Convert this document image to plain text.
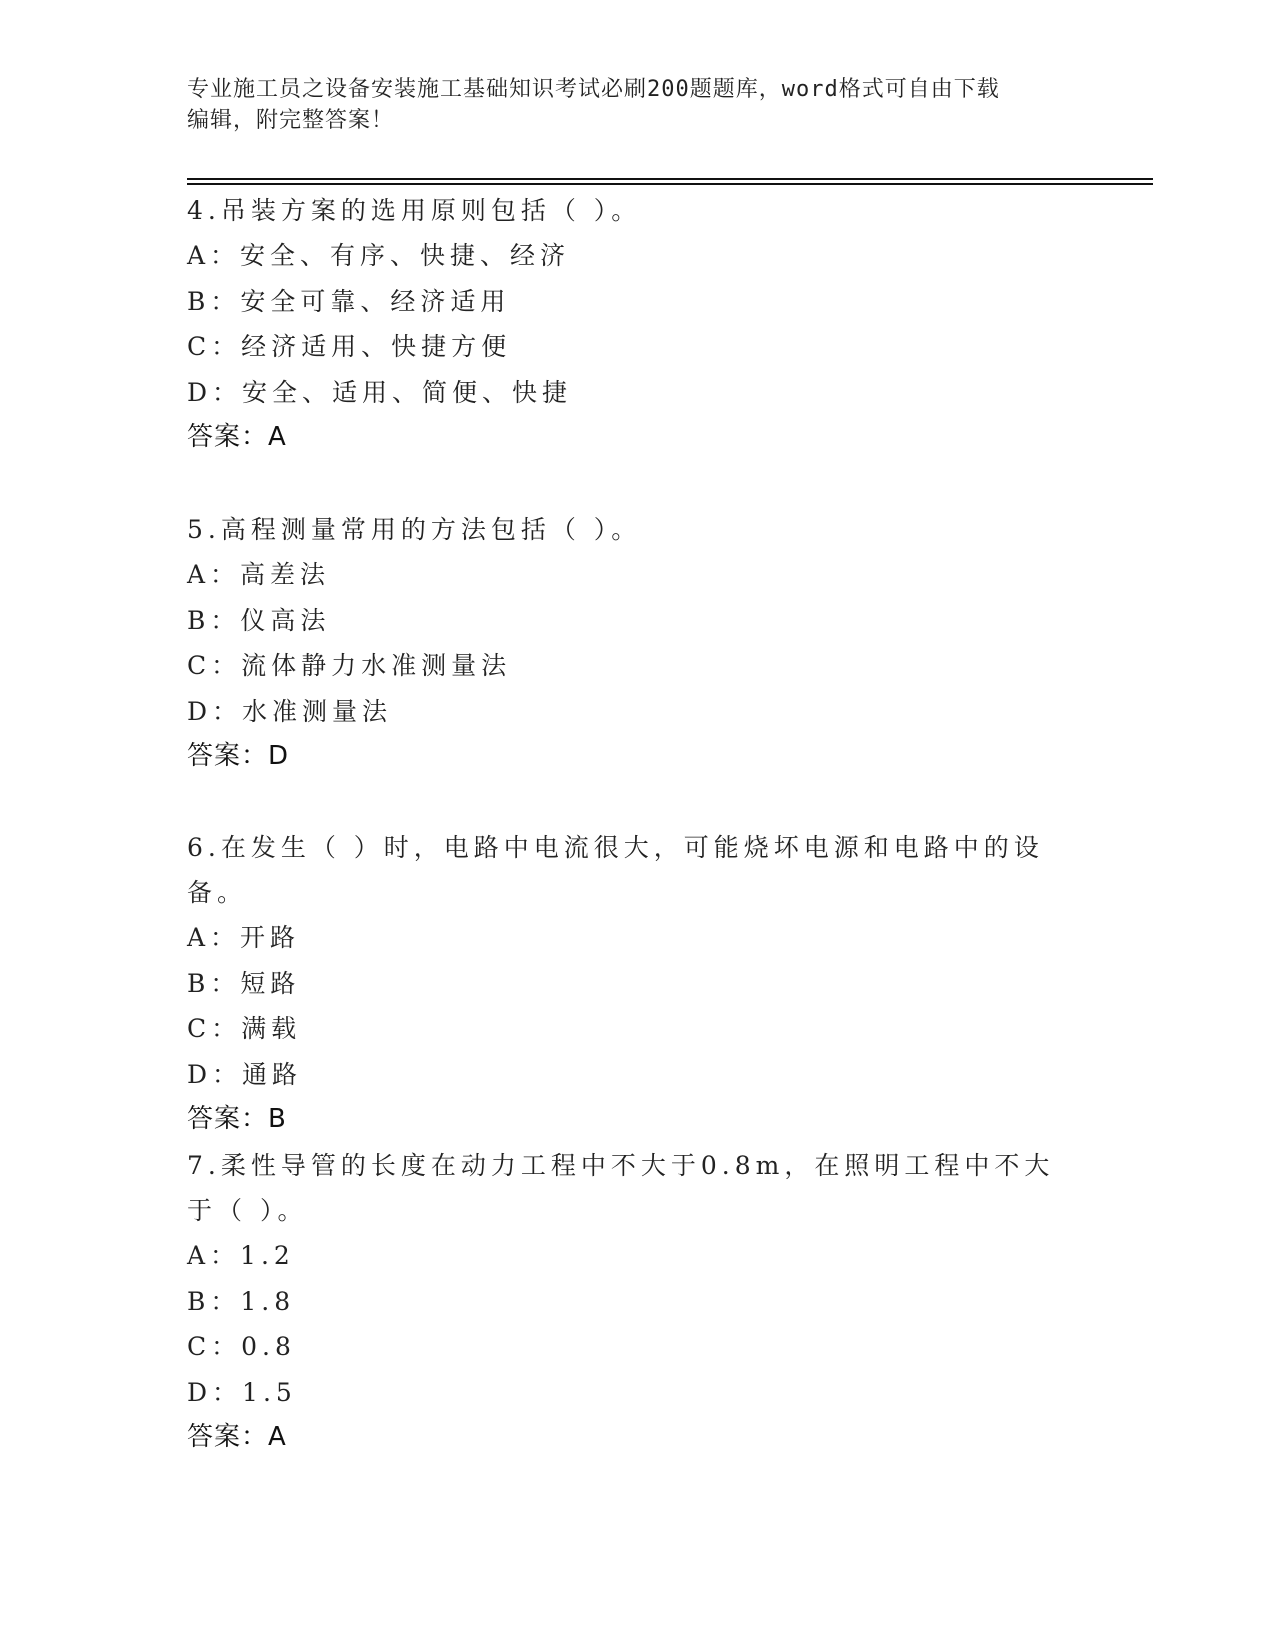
专业施工员之设备安装施工基础知识考试必刷200题题库，word格式可自由下载
编辑，附完整答案！
4.吊装方案的选用原则包括（ ）。
A：安全、有序、快捷、经济
B：安全可靠、经济适用
C：经济适用、快捷方便
D：安全、适用、简便、快捷
答案：A
5.高程测量常用的方法包括（ ）。
A：高差法
B：仪高法
C：流体静力水准测量法
D：水准测量法
答案：D
6.在发生（ ）时，电路中电流很大，可能烧坏电源和电路中的设备。
A：开路
B：短路
C：满载
D：通路
答案：B
7.柔性导管的长度在动力工程中不大于0.8m，在照明工程中不大于（ ）。
A：1.2
B：1.8
C：0.8
D：1.5
答案：A
